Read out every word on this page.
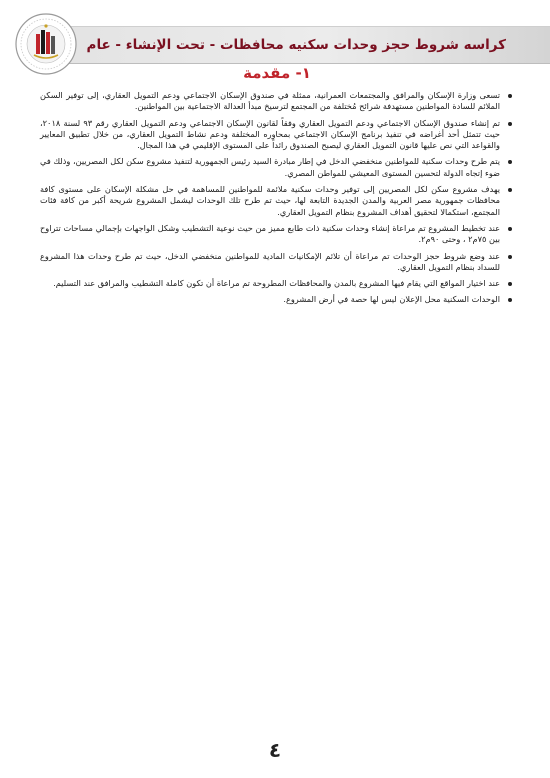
كراسه شروط حجز وحدات سكنيه محافظات - تحت الإنشاء - عام
١- مقدمة
تسعى وزارة الإسكان والمرافق والمجتمعات العمرانية، ممثلة في صندوق الإسكان الاجتماعي ودعم التمويل العقاري، إلى توفير السكن الملائم للسادة المواطنين مستهدفة شرائح مُختلفة من المجتمع لترسيخ مبدأ العدالة الاجتماعية بين المواطنين.
تم إنشاء صندوق الإسكان الاجتماعي ودعم التمويل العقاري وفقاً لقانون الإسكان الاجتماعي ودعم التمويل العقاري رقم ٩٣ لسنة ٢٠١٨، حيث تتمثل أحد أغراضه في تنفيذ برنامج الإسكان الاجتماعي بمحاوره المختلفة ودعم نشاط التمويل العقاري، من خلال تطبيق المعايير والقواعد التي نص عليها قانون التمويل العقاري ليصبح الصندوق رائداً على المستوى الإقليمي في هذا المجال.
يتم طرح وحدات سكنية للمواطنين منخفضي الدخل في إطار مبادرة السيد رئيس الجمهورية لتنفيذ مشروع سكن لكل المصريين، وذلك في ضوء إتجاه الدولة لتحسين المستوى المعيشي للمواطن المصري.
يهدف مشروع سكن لكل المصريين إلى توفير وحدات سكنية ملائمة للمواطنين للمساهمة في حل مشكلة الإسكان على مستوى كافة محافظات جمهورية مصر العربية والمدن الجديدة التابعة لها، حيث تم طرح تلك الوحدات ليشمل المشروع شريحة أكبر من كافة فئات المجتمع، استكمالا لتحقيق أهداف المشروع بنظام التمويل العقاري.
عند تخطيط المشروع تم مراعاة إنشاء وحدات سكنية ذات طابع مميز من حيث نوعية التشطيب وشكل الواجهات بإجمالي مساحات تتراوح بين ٧٥م٢ ، وحتى ٩٠م٢.
عند وضع شروط حجز الوحدات تم مراعاة أن تلائم الإمكانيات المادية للمواطنين منخفضي الدخل، حيث تم طرح وحدات هذا المشروع للسداد بنظام التمويل العقاري.
عند اختيار المواقع التي يقام فيها المشروع بالمدن والمحافظات المطروحة تم مراعاة أن تكون كاملة التشطيب والمرافق عند التسليم.
الوحدات السكنية محل الإعلان ليس لها حصة في أرض المشروع.
٤
